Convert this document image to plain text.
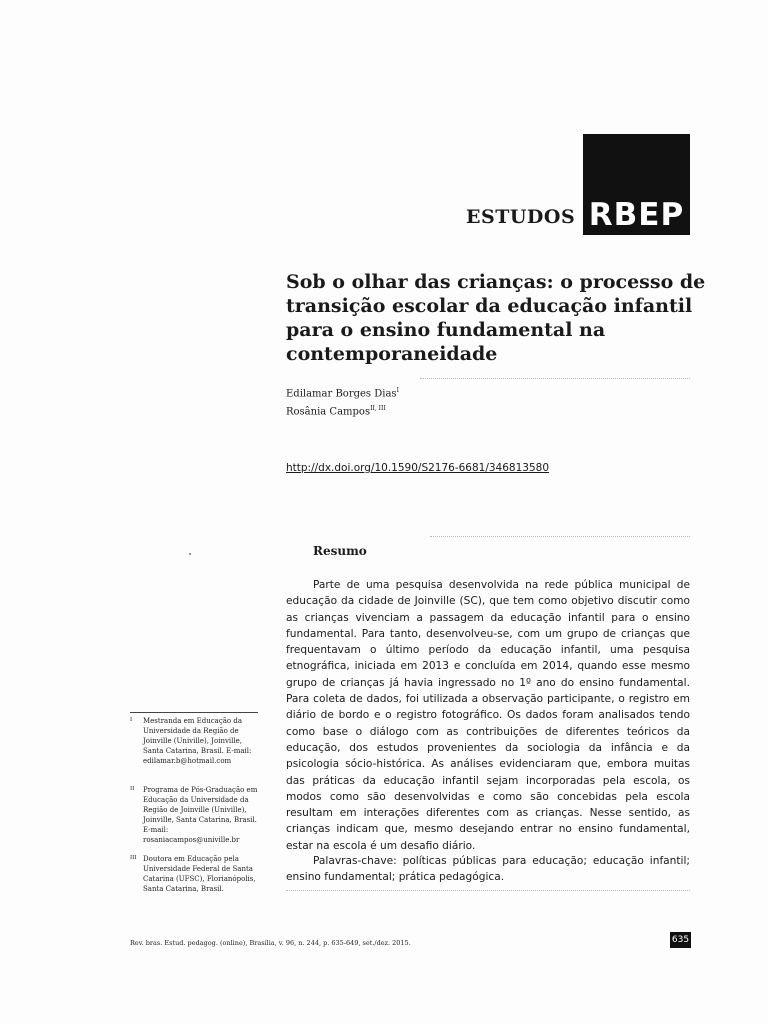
RBEP
ESTUDOS
Sob o olhar das crianças: o processo de transição escolar da educação infantil para o ensino fundamental na contemporaneidade
Edilamar Borges Dias$^I$
Rosânia Campos$^{II, III}$
http://dx.doi.org/10.1590/S2176-6681/346813580
Resumo

Parte de uma pesquisa desenvolvida na rede pública municipal de educação da cidade de Joinville (SC), que tem como objetivo discutir como as crianças vivenciam a passagem da educação infantil para o ensino fundamental. Para tanto, desenvolveu-se, com um grupo de crianças que frequentavam o último período da educação infantil, uma pesquisa etnográfica, iniciada em 2013 e concluída em 2014, quando esse mesmo grupo de crianças já havia ingressado no 1º ano do ensino fundamental. Para coleta de dados, foi utilizada a observação participante, o registro em diário de bordo e o registro fotográfico. Os dados foram analisados tendo como base o diálogo com as contribuições de diferentes teóricos da educação, dos estudos provenientes da sociologia da infância e da psicologia sócio-histórica. As análises evidenciaram que, embora muitas das práticas da educação infantil sejam incorporadas pela escola, os modos como são desenvolvidas e como são concebidas pela escola resultam em interações diferentes com as crianças. Nesse sentido, as crianças indicam que, mesmo desejando entrar no ensino fundamental, estar na escola é um desafio diário.

Palavras-chave: políticas públicas para educação; educação infantil; ensino fundamental; prática pedagógica.

I Mestranda em Educação da Universidade da Região de Joinville (Univille), Joinville, Santa Catarina, Brasil. E-mail: edilamar.b@hotmail.com
II Programa de Pós-Graduação em Educação da Universidade da Região de Joinville (Univille), Joinville, Santa Catarina, Brasil. E-mail: rosaniacampos@univille.br
III Doutora em Educação pela Universidade Federal de Santa Catarina (UFSC), Florianópolis, Santa Catarina, Brasil.
Rev. bras. Estud. pedagog. (online), Brasília, v. 96, n. 244, p. 635-649, set./dez. 2015.	635
